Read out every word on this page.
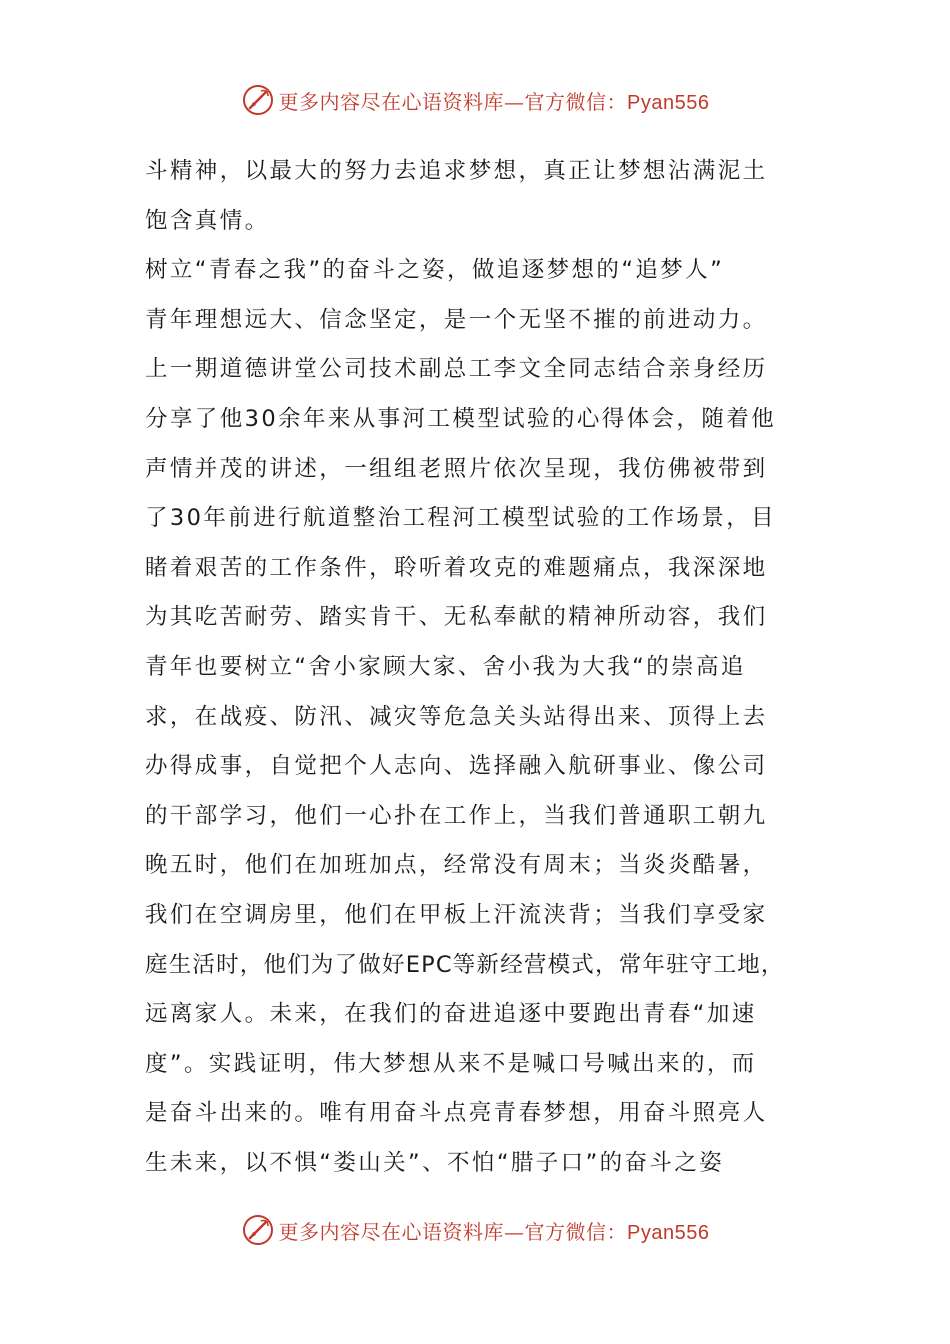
更多内容尽在心语资料库—官方微信：Pyan556
斗精神，以最大的努力去追求梦想，真正让梦想沾满泥土
饱含真情。
树立“青春之我”的奋斗之姿，做追逐梦想的“追梦人”
青年理想远大、信念坚定，是一个无坚不摧的前进动力。
上一期道德讲堂公司技术副总工李文全同志结合亲身经历
分享了他30余年来从事河工模型试验的心得体会，随着他
声情并茂的讲述，一组组老照片依次呈现，我仿佛被带到
了30年前进行航道整治工程河工模型试验的工作场景，目
睹着艰苦的工作条件，聆听着攻克的难题痛点，我深深地
为其吃苦耐劳、踏实肯干、无私奉献的精神所动容，我们
青年也要树立“舍小家顾大家、舍小我为大我“的崇高追
求，在战疫、防汛、减灾等危急关头站得出来、顶得上去
办得成事，自觉把个人志向、选择融入航研事业、像公司
的干部学习，他们一心扑在工作上，当我们普通职工朝九
晚五时，他们在加班加点，经常没有周末；当炎炎酷暑，
我们在空调房里，他们在甲板上汗流浃背；当我们享受家
庭生活时，他们为了做好EPC等新经营模式，常年驻守工地，
远离家人。未来，在我们的奋进追逐中要跑出青春“加速
度”。实践证明，伟大梦想从来不是喊口号喊出来的，而
是奋斗出来的。唯有用奋斗点亮青春梦想，用奋斗照亮人
生未来，以不惧“娄山关”、不怕“腊子口”的奋斗之姿
更多内容尽在心语资料库—官方微信：Pyan556
